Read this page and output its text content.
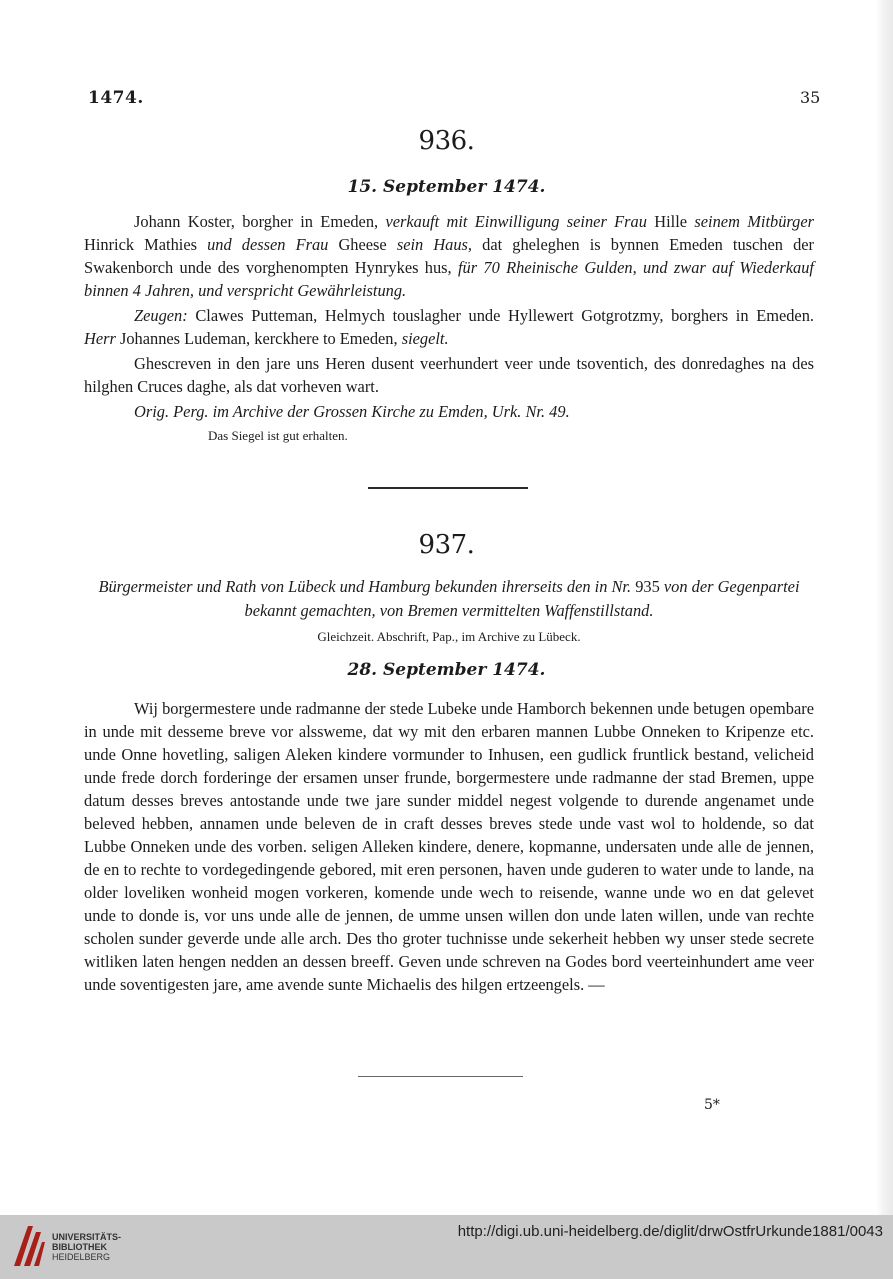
1474.	35
936.
15. September 1474.

Johann Koster, borgher in Emeden, verkauft mit Einwilligung seiner Frau Hille seinem Mitbürger Hinrick Mathies und dessen Frau Gheese sein Haus, dat gheleghen is bynnen Emeden tuschen der Swakenborch unde des vorghenompten Hynrykes hus, für 70 Rheinische Gulden, und zwar auf Wiederkauf binnen 4 Jahren, und verspricht Gewährleistung.

Zeugen: Clawes Putteman, Helmych touslagher unde Hyllewert Gotgrotzmy, borghers in Emeden. Herr Johannes Ludeman, kerckhere to Emeden, siegelt.

Ghescreven in den jare uns Heren dusent veerhundert veer unde tsoventich, des donredaghes na des hilghen Cruces daghe, als dat vorheven wart.

Orig. Perg. im Archive der Grossen Kirche zu Emden, Urk. Nr. 49.

Das Siegel ist gut erhalten.

937.

Bürgermeister und Rath von Lübeck und Hamburg bekunden ihrerseits den in Nr. 935 von der Gegenpartei bekannt gemachten, von Bremen vermittelten Waffenstillstand.

Gleichzeit. Abschrift, Pap., im Archive zu Lübeck.

28. September 1474.

Wij borgermestere unde radmanne der stede Lubeke unde Hamborch bekennen unde betugen opembare in unde mit desseme breve vor alssweme, dat wy mit den erbaren mannen Lubbe Onneken to Kripenze etc. unde Onne hovetling, saligen Aleken kindere vormunder to Inhusen, een gudlick fruntlick bestand, velicheid unde frede dorch forderinge der ersamen unser frunde, borgermestere unde radmanne der stad Bremen, uppe datum desses breves antostande unde twe jare sunder middel negest volgende to durende angenamet unde beleved hebben, annamen unde beleven de in craft desses breves stede unde vast wol to holdende, so dat Lubbe Onneken unde des vorben. seligen Alleken kindere, denere, kopmanne, undersaten unde alle de jennen, de en to rechte to vordegedingende gebored, mit eren personen, haven unde guderen to water unde to lande, na older loveliken wonheid mogen vorkeren, komende unde wech to reisende, wanne unde wo en dat gelevet unde to donde is, vor uns unde alle de jennen, de umme unsen willen don unde laten willen, unde van rechte scholen sunder geverde unde alle arch. Des tho groter tuchnisse unde sekerheit hebben wy unser stede secrete witliken laten hengen nedden an dessen breeff. Geven unde schreven na Godes bord veerteinhundert ame veer unde soventigesten jare, ame avende sunte Michaelis des hilgen ertzeengels. —

5*
UNIVERSITÄTS-
BIBLIOTHEK
HEIDELBERG
http://digi.ub.uni-heidelberg.de/diglit/drwOstfrUrkunde1881/0043
